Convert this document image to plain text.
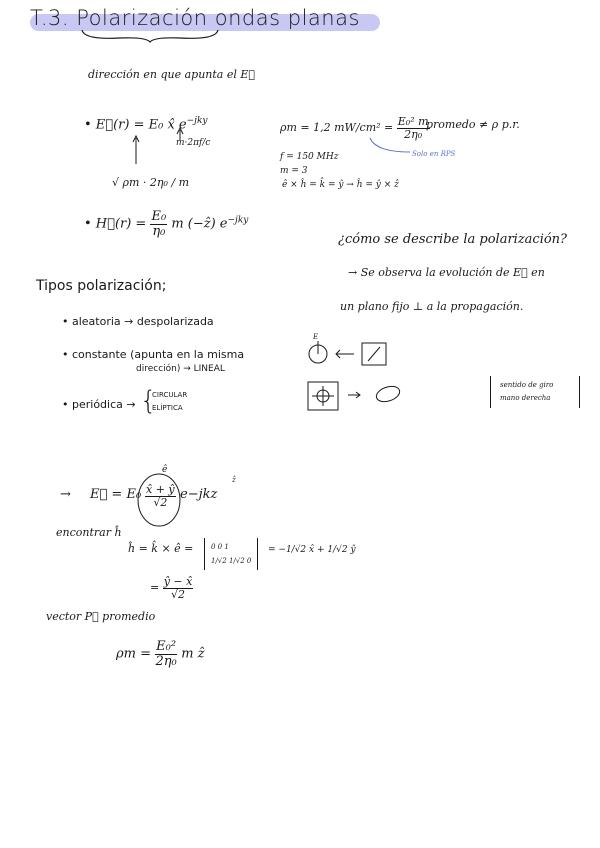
T.3. Polarización ondas planas
dirección en que apunta el E⃗
• E⃗(r) = E₀ x̂ $e^{-jky}$
m·2πf/c
√ ρm · 2η₀ / m
• H⃗(r) = $\frac{\text{E₀}}{\text{η₀}}$ m (−ẑ) $e^{-jky}$
ρm = 1,2 $mW/cm^2 = \frac{\text{E₀² m}}{\text{2η₀}}$
promedo ≠ ρ p.r.
Solo en RPS
f = 150 MHz
m = 3
ê × ĥ = k̂ = ŷ → ĥ = ŷ × ẑ
¿cómo se describe la polarización?
→ Se observa la evolución de E⃗ en
un plano fijo ⊥ a la propagación.
Tipos polarización;
• aleatoria → despolarizada
• constante (apunta en la misma
dirección) → LINEAL
• periódica → {
CIRCULAR
ELÍPTICA
E
sentido de giro
mano derecha
→ E⃗ = E₀
ê
$\frac{x̂ + ŷ}{√2} e-jkz$
ẑ
encontrar ĥ
ĥ = k̂ × ê =	0 0 1
1/√2 1/√2 0
= −1/√2 x̂ + 1/√2 ŷ
= $\frac{ŷ - x̂}{√2}$
vector P⃗ promedio
$\rho m = \frac{\text{E₀²}}{\text{2η₀}}$ m ẑ
